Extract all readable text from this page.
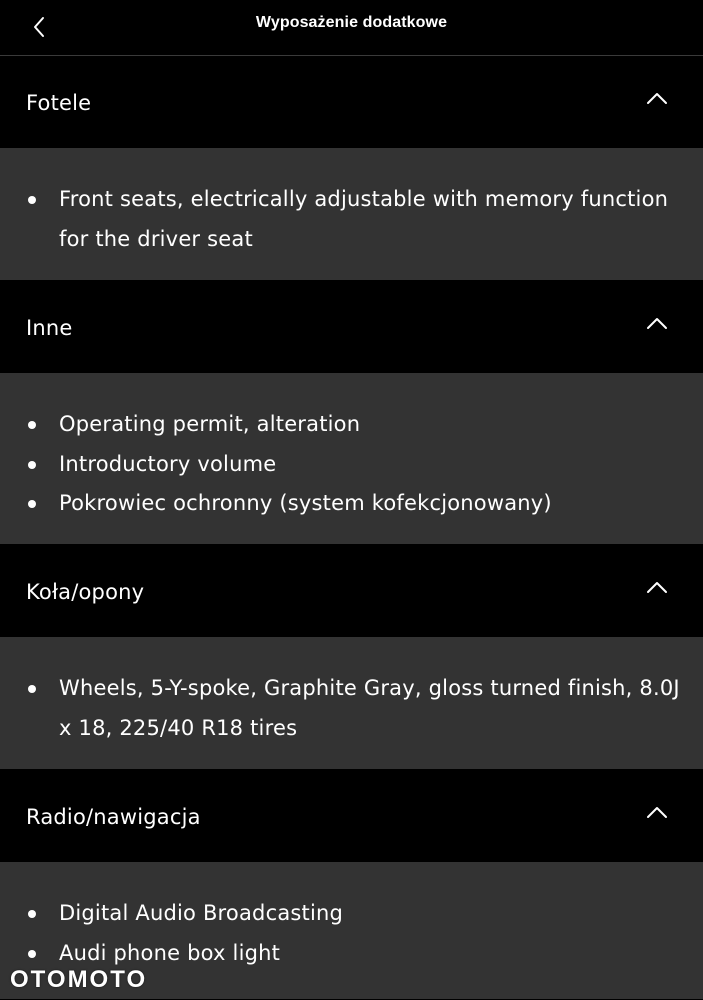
Wyposażenie dodatkowe
Fotele
Front seats, electrically adjustable with memory function for the driver seat
Inne
Operating permit, alteration
Introductory volume
Pokrowiec ochronny (system kofekcjonowany)
Koła/opony
Wheels, 5-Y-spoke, Graphite Gray, gloss turned finish, 8.0J x 18, 225/40 R18 tires
Radio/nawigacja
Digital Audio Broadcasting
Audi phone box light
OTOMOTO
